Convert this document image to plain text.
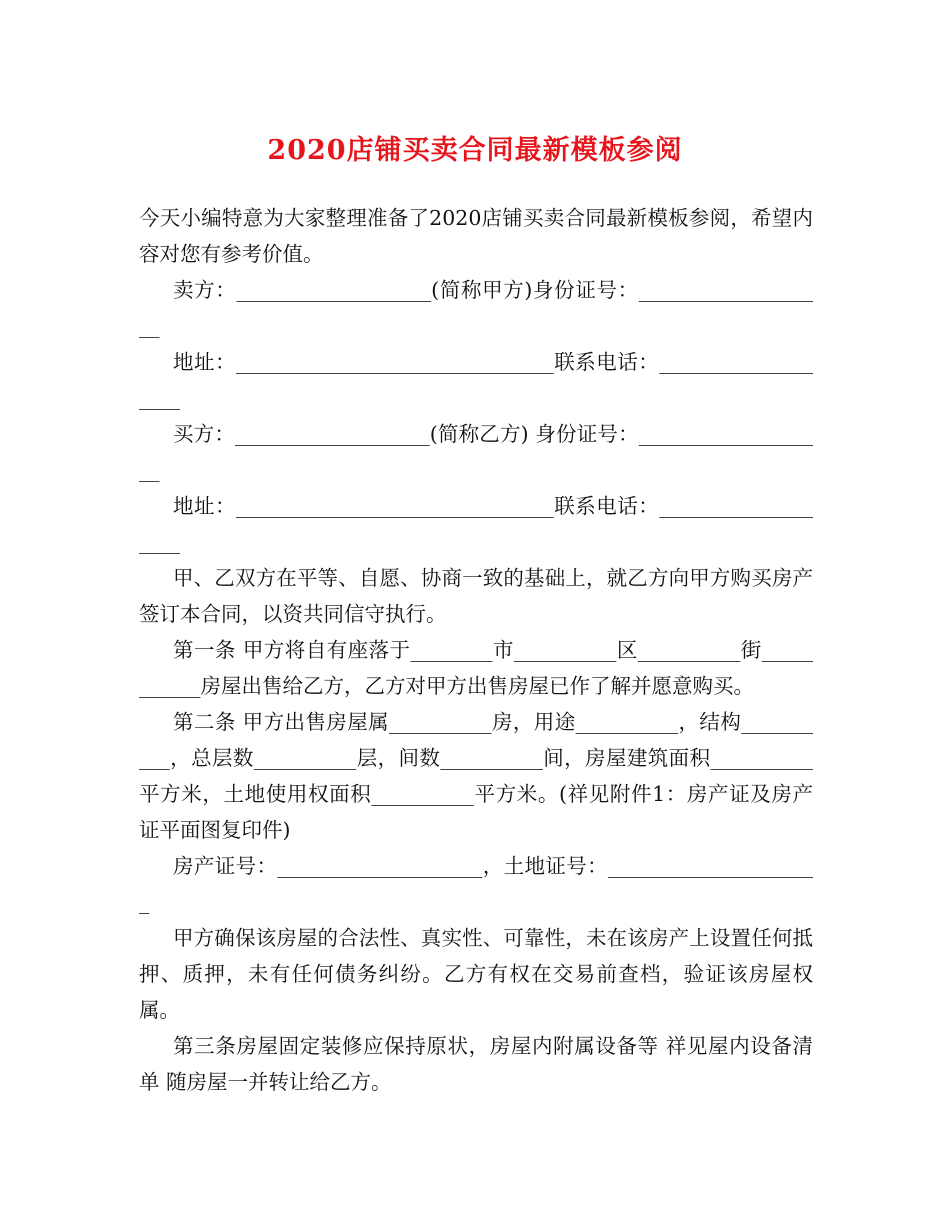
2020店铺买卖合同最新模板参阅

今天小编特意为大家整理准备了2020店铺买卖合同最新模板参阅，希望内容对您有参考价值。

卖方：___________________(简称甲方)身份证号：___________________

地址：_______________________________联系电话：___________________

买方：___________________(简称乙方) 身份证号：___________________

地址：_______________________________联系电话：___________________

甲、乙双方在平等、自愿、协商一致的基础上，就乙方向甲方购买房产签订本合同，以资共同信守执行。

第一条 甲方将自有座落于________市__________区__________街___________房屋出售给乙方，乙方对甲方出售房屋已作了解并愿意购买。

第二条 甲方出售房屋属__________房，用途__________，结构__________，总层数__________层，间数__________间，房屋建筑面积__________平方米，土地使用权面积__________平方米。(祥见附件1：房产证及房产证平面图复印件)

房产证号：____________________，土地证号：_____________________

甲方确保该房屋的合法性、真实性、可靠性，未在该房产上设置任何抵押、质押，未有任何债务纠纷。乙方有权在交易前查档，验证该房屋权属。

第三条房屋固定装修应保持原状，房屋内附属设备等 祥见屋内设备清单 随房屋一并转让给乙方。
